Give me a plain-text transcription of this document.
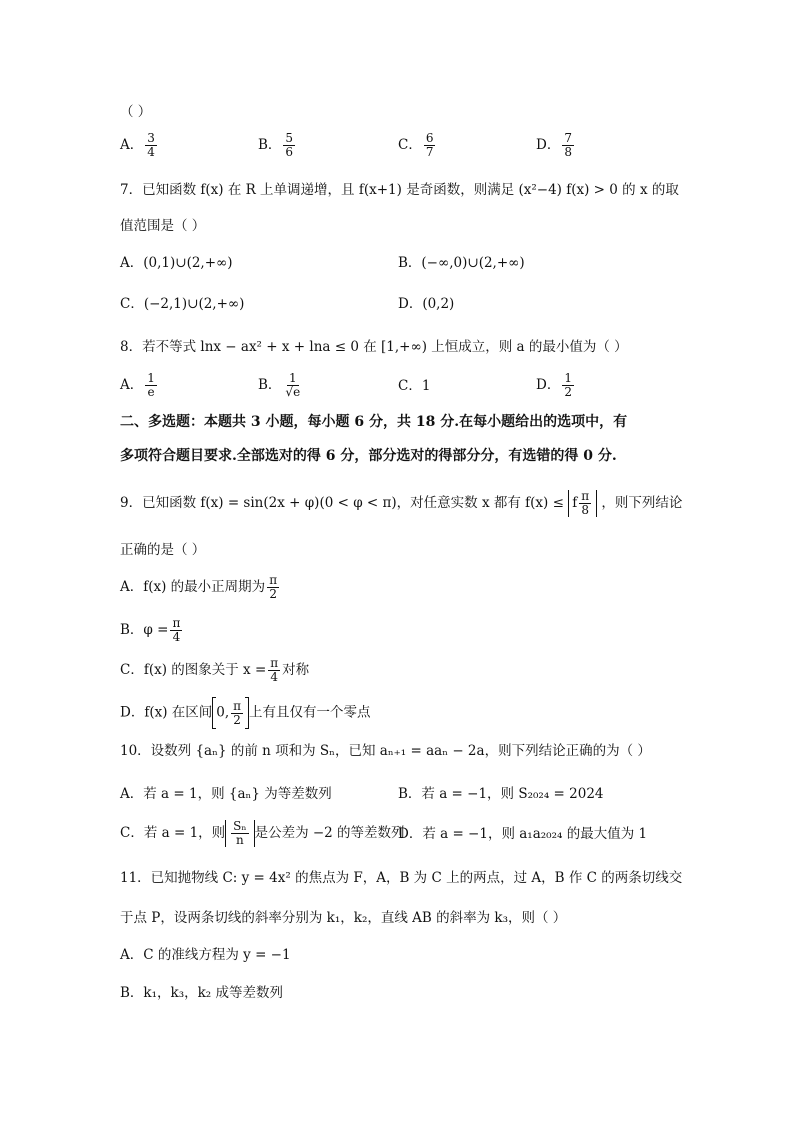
（ ）
A． $\frac{3}{4}$	B． $\frac{5}{6}$	C． $\frac{6}{7}$	D． $\frac{7}{8}$
7．已知函数 f(x) 在 R 上单调递增，且 f(x+1) 是奇函数，则满足 (x²−4) f(x) > 0 的 x 的取
值范围是（ ）
A．(0,1)∪(2,+∞)	B．(−∞,0)∪(2,+∞)
C．(−2,1)∪(2,+∞)	D．(0,2)
8．若不等式 lnx − ax² + x + lna ≤ 0 在 [1,+∞) 上恒成立，则 a 的最小值为（ ）
A． $\frac{1}{e}$	B． $\frac{1}{√e}$	C．1	D． $\frac{1}{2}$
二、多选题：本题共 3 小题，每小题 6 分，共 18 分.在每小题给出的选项中，有
多项符合题目要求.全部选对的得 6 分，部分选对的得部分分，有选错的得 0 分.
9．已知函数 f(x) = sin(2x + φ)(0 < φ < π)，对任意实数 x 都有 f(x) ≤ f $\frac{\pi}{8}$ ，则下列结论
正确的是（ ）
A．f(x) 的最小正周期为 $\frac{\pi}{2}$
B．$\varphi = \frac{\pi}{4}$
C．f(x) 的图象关于 $x = \frac{\pi}{4}$ 对称
D．f(x) 在区间 0, $\frac{\pi}{2}$ 上有且仅有一个零点
10．设数列 {aₙ} 的前 n 项和为 Sₙ，已知 aₙ₊₁ = aaₙ − 2a，则下列结论正确的为（ ）
A．若 a = 1，则 {aₙ} 为等差数列	B．若 a = −1，则 S₂₀₂₄ = 2024
C．若 a = 1，则 $\frac{\text{Sₙ}}{n}$ 是公差为 −2 的等差数列
D．若 a = −1，则 a₁a₂₀₂₄ 的最大值为 1
11．已知抛物线 C: y = 4x² 的焦点为 F，A，B 为 C 上的两点，过 A，B 作 C 的两条切线交
于点 P，设两条切线的斜率分别为 k₁，k₂，直线 AB 的斜率为 k₃，则（ ）
A．C 的准线方程为 y = −1
B．k₁，k₃，k₂ 成等差数列
